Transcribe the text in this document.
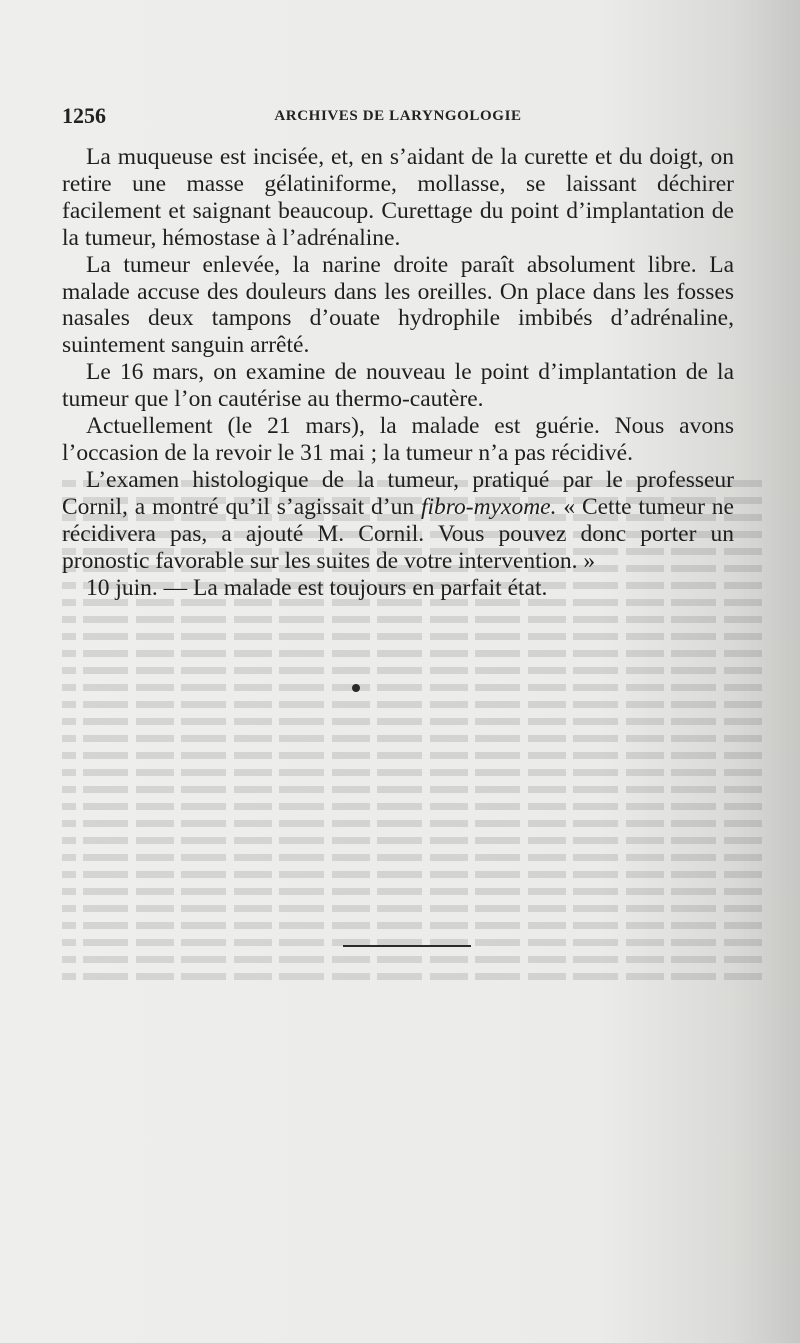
1256	ARCHIVES DE LARYNGOLOGIE

La muqueuse est incisée, et, en s’aidant de la curette et du doigt, on retire une masse gélatiniforme, mollasse, se laissant déchirer facilement et saignant beaucoup. Curettage du point d’implantation de la tumeur, hémostase à l’adrénaline.

La tumeur enlevée, la narine droite paraît absolument libre. La malade accuse des douleurs dans les oreilles. On place dans les fosses nasales deux tampons d’ouate hydrophile imbibés d’adrénaline, suintement sanguin arrêté.

Le 16 mars, on examine de nouveau le point d’implantation de la tumeur que l’on cautérise au thermo-cautère.

Actuellement (le 21 mars), la malade est guérie. Nous avons l’occasion de la revoir le 31 mai ; la tumeur n’a pas récidivé.

L’examen histologique de la tumeur, pratiqué par le professeur Cornil, a montré qu’il s’agissait d’un fibro-myxome. « Cette tumeur ne récidivera pas, a ajouté M. Cornil. Vous pouvez donc porter un pronostic favorable sur les suites de votre intervention. »

10 juin. — La malade est toujours en parfait état.
